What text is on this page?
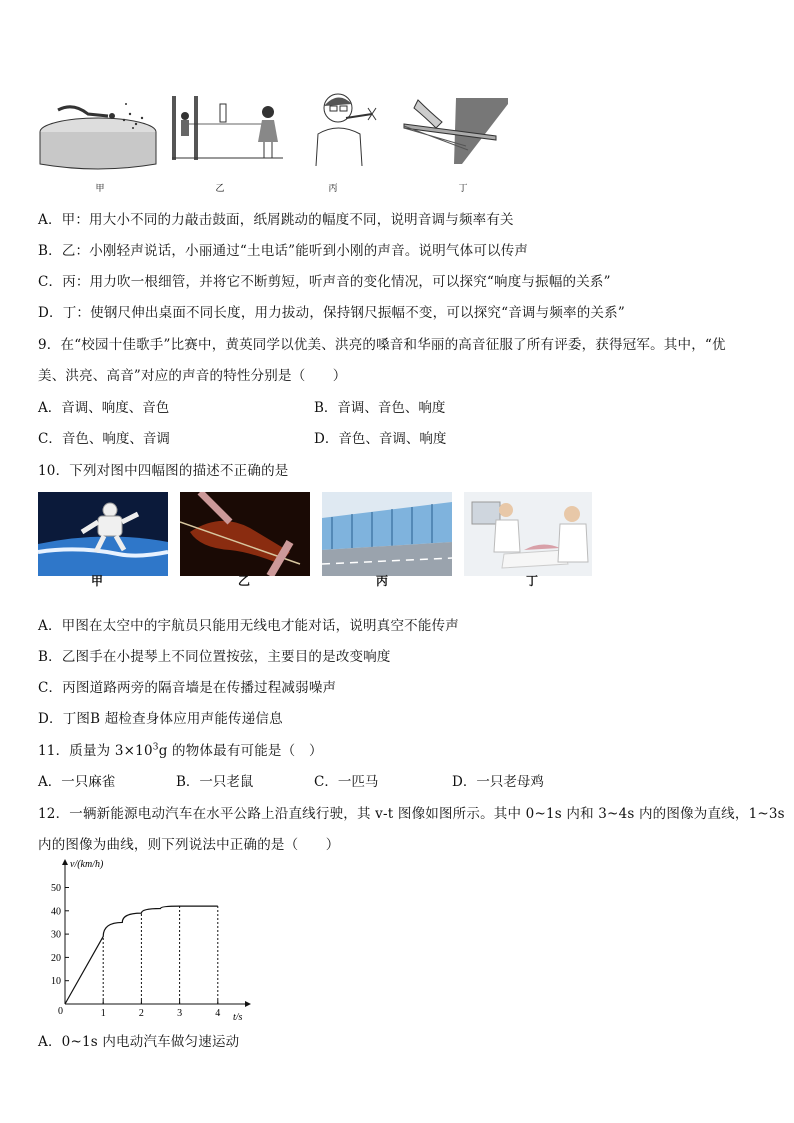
甲	乙	丙	丁
A．甲：用大小不同的力敲击鼓面，纸屑跳动的幅度不同，说明音调与频率有关
B．乙：小刚轻声说话，小丽通过“土电话”能听到小刚的声音。说明气体可以传声
C．丙：用力吹一根细管，并将它不断剪短，听声音的变化情况，可以探究“响度与振幅的关系”
D．丁：使钢尺伸出桌面不同长度，用力拔动，保持钢尺振幅不变，可以探究“音调与频率的关系”
9．在“校园十佳歌手”比赛中，黄英同学以优美、洪亮的嗓音和华丽的高音征服了所有评委，获得冠军。其中，“优
美、洪亮、高音”对应的声音的特性分别是（　　）
A．音调、响度、音色	B．音调、音色、响度
C．音色、响度、音调	D．音色、音调、响度
10．下列对图中四幅图的描述不正确的是
甲	乙	丙	丁
A．甲图在太空中的宇航员只能用无线电才能对话，说明真空不能传声
B．乙图手在小提琴上不同位置按弦，主要目的是改变响度
C．丙图道路两旁的隔音墙是在传播过程减弱噪声
D．丁图B 超检查身体应用声能传递信息
11．质量为 $3\times 10^3g$ 的物体最有可能是（　）
A．一只麻雀	B．一只老鼠	C．一匹马	D．一只老母鸡
12．一辆新能源电动汽车在水平公路上沿直线行驶，其 v-t 图像如图所示。其中 0~1s 内和 3~4s 内的图像为直线，1~3s
内的图像为曲线，则下列说法中正确的是（　　）
v/(km/h)
t/s
0
10
20
30
40
50
1	2	3	4
A．0~1s 内电动汽车做匀速运动
